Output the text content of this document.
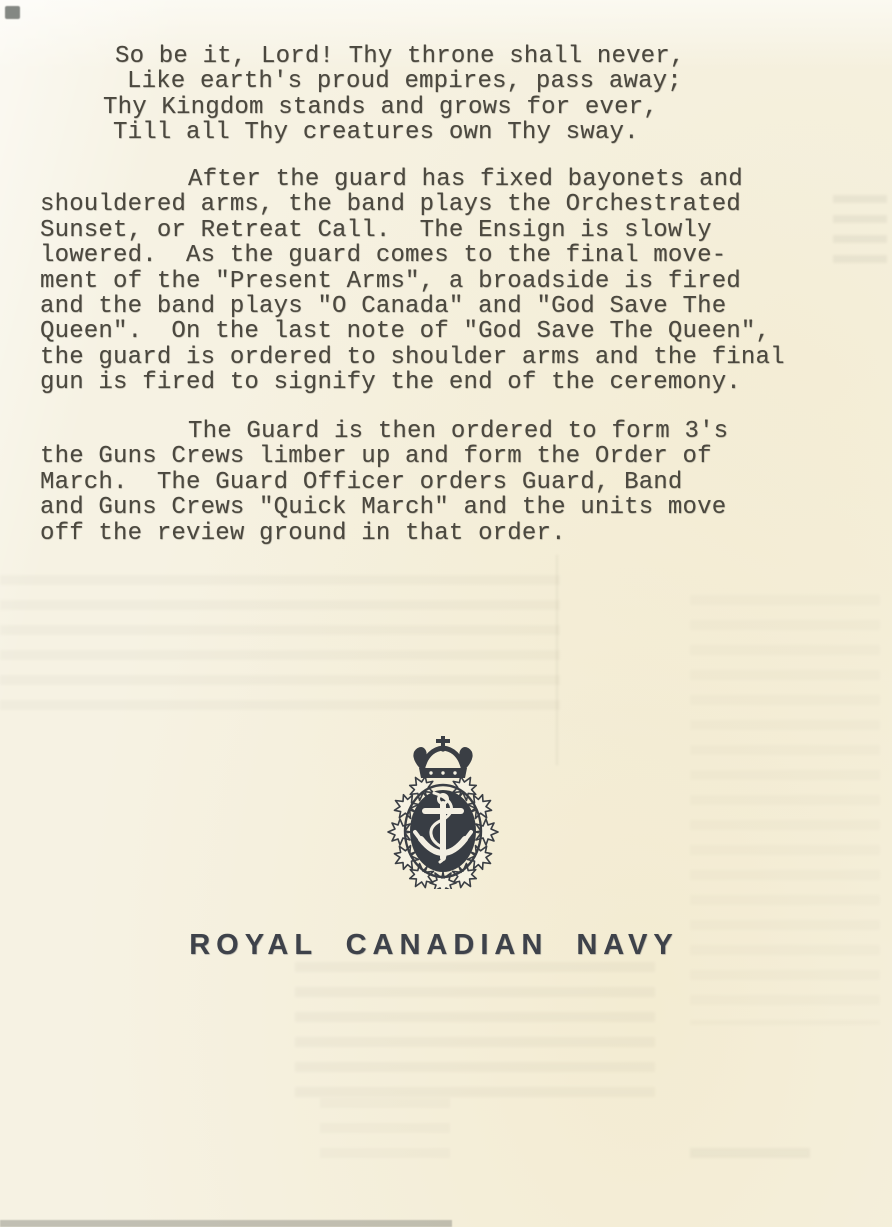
So be it, Lord! Thy throne shall never,
Like earth's proud empires, pass away;
Thy Kingdom stands and grows for ever,
Till all Thy creatures own Thy sway.
After the guard has fixed bayonets and
shouldered arms, the band plays the Orchestrated
Sunset, or Retreat Call.  The Ensign is slowly
lowered.  As the guard comes to the final move-
ment of the "Present Arms", a broadside is fired
and the band plays "O Canada" and "God Save The
Queen".  On the last note of "God Save The Queen",
the guard is ordered to shoulder arms and the final
gun is fired to signify the end of the ceremony.
The Guard is then ordered to form 3's
the Guns Crews limber up and form the Order of
March.  The Guard Officer orders Guard, Band
and Guns Crews "Quick March" and the units move
off the review ground in that order.
ROYAL CANADIAN NAVY
